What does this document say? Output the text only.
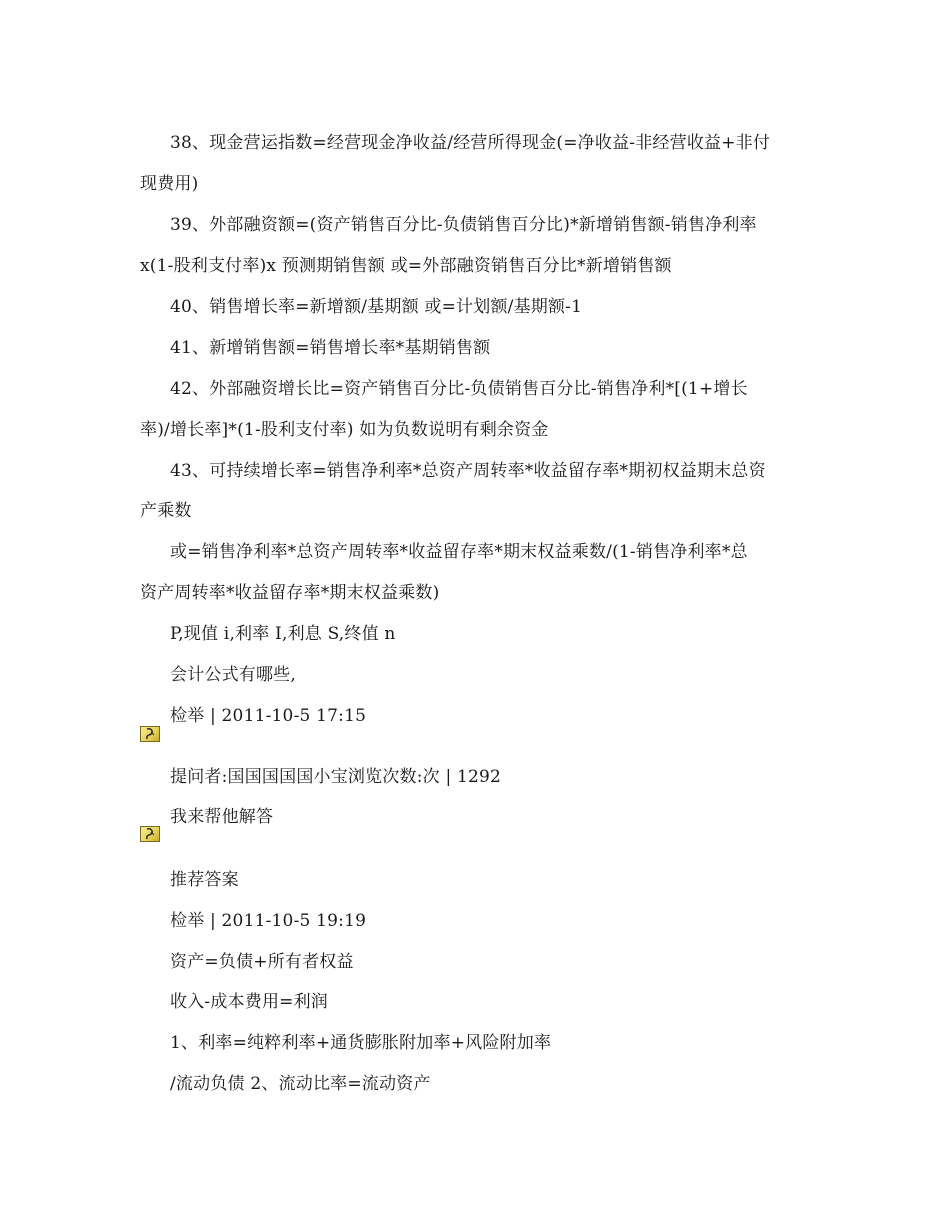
38、现金营运指数=经营现金净收益/经营所得现金(=净收益-非经营收益+非付
现费用)
39、外部融资额=(资产销售百分比-负债销售百分比)*新增销售额-销售净利率
x(1-股利支付率)x 预测期销售额 或=外部融资销售百分比*新增销售额
40、销售增长率=新增额/基期额 或=计划额/基期额-1
41、新增销售额=销售增长率*基期销售额
42、外部融资增长比=资产销售百分比-负债销售百分比-销售净利*[(1+增长
率)/增长率]*(1-股利支付率) 如为负数说明有剩余资金
43、可持续增长率=销售净利率*总资产周转率*收益留存率*期初权益期末总资
产乘数
或=销售净利率*总资产周转率*收益留存率*期末权益乘数/(1-销售净利率*总
资产周转率*收益留存率*期末权益乘数)
P,现值 i,利率 I,利息 S,终值 n
会计公式有哪些,
检举 | 2011-10-5 17:15
提问者:国国国国国小宝浏览次数:次 | 1292
我来帮他解答
推荐答案
检举 | 2011-10-5 19:19
资产=负债+所有者权益
收入-成本费用=利润
1、利率=纯粹利率+通货膨胀附加率+风险附加率
/流动负债 2、流动比率=流动资产
